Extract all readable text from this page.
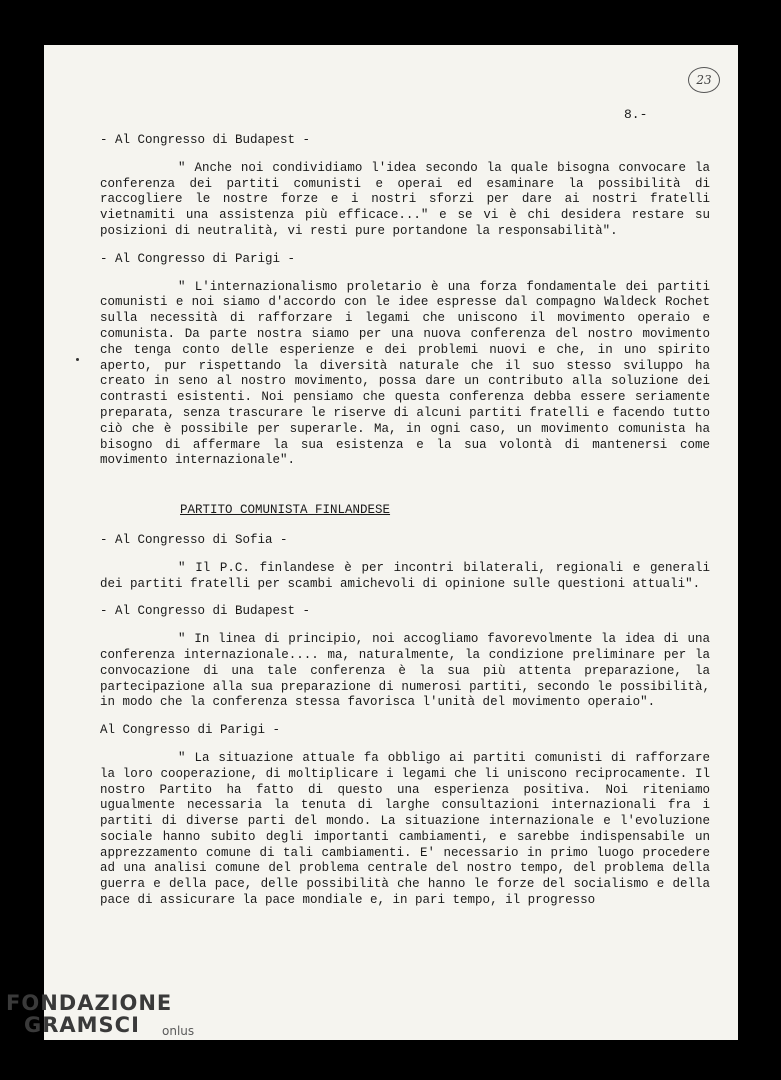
23
8.-

- Al Congresso di Budapest -

" Anche noi condividiamo l'idea secondo la quale bisogna convocare la conferenza dei partiti comunisti e operai ed esaminare la possibilità di raccogliere le nostre forze e i nostri sforzi per dare ai nostri fratelli vietnamiti una assistenza più efficace..." e se vi è chi desidera restare su posizioni di neutralità, vi resti pure portandone la responsabilità".

- Al Congresso di Parigi -

" L'internazionalismo proletario è una forza fondamentale dei partiti comunisti e noi siamo d'accordo con le idee espresse dal compagno Waldeck Rochet sulla necessità di rafforzare i legami che uniscono il movimento operaio e comunista. Da parte nostra siamo per una nuova conferenza del nostro movimento che tenga conto delle esperienze e dei problemi nuovi e che, in uno spirito aperto, pur rispettando la diversità naturale che il suo stesso sviluppo ha creato in seno al nostro movimento, possa dare un contributo alla soluzione dei contrasti esistenti. Noi pensiamo che questa conferenza debba essere seriamente preparata, senza trascurare le riserve di alcuni partiti fratelli e facendo tutto ciò che è possibile per superarle. Ma, in ogni caso, un movimento comunista ha bisogno di affermare la sua esistenza e la sua volontà di mantenersi come movimento internazionale".

PARTITO COMUNISTA FINLANDESE

- Al Congresso di Sofia -

" Il P.C. finlandese è per incontri bilaterali, regionali e generali dei partiti fratelli per scambi amichevoli di opinione sulle questioni attuali".

- Al Congresso di Budapest -

" In linea di principio, noi accogliamo favorevolmente la idea di una conferenza internazionale.... ma, naturalmente, la condizione preliminare per la convocazione di una tale conferenza è la sua più attenta preparazione, la partecipazione alla sua preparazione di numerosi partiti, secondo le possibilità, in modo che la conferenza stessa favorisca l'unità del movimento operaio".

Al Congresso di Parigi -

" La situazione attuale fa obbligo ai partiti comunisti di rafforzare la loro cooperazione, di moltiplicare i legami che li uniscono reciprocamente. Il nostro Partito ha fatto di questo una esperienza positiva. Noi riteniamo ugualmente necessaria la tenuta di larghe consultazioni internazionali fra i partiti di diverse parti del mondo. La situazione internazionale e l'evoluzione sociale hanno subito degli importanti cambiamenti, e sarebbe indispensabile un apprezzamento comune di tali cambiamenti. E' necessario in primo luogo procedere ad una analisi comune del problema centrale del nostro tempo, del problema della guerra e della pace, delle possibilità che hanno le forze del socialismo e della pace di assicurare la pace mondiale e, in pari tempo, il progresso

FONDAZIONE
GRAMSCI	onlus
